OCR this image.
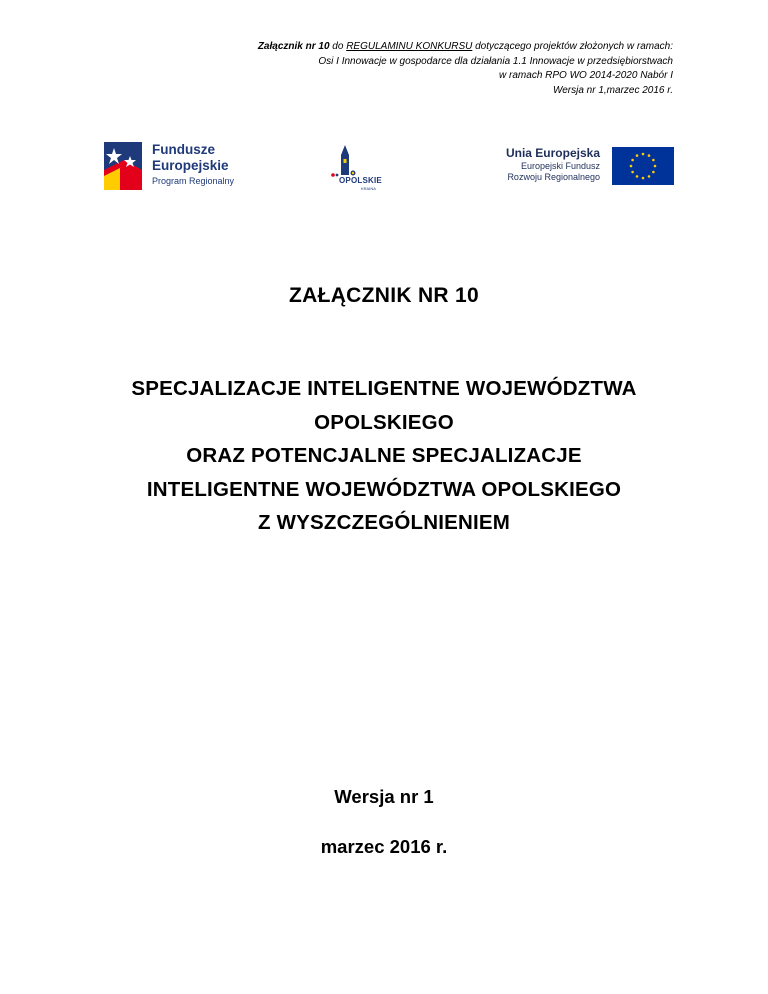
Załącznik nr 10 do REGULAMINU KONKURSU dotyczącego projektów złożonych w ramach:
Osi I Innowacje w gospodarce dla działania 1.1 Innowacje w przedsiębiorstwach
w ramach RPO WO 2014-2020 Nabór I
Wersja nr 1,marzec 2016 r.
Fundusze
Europejskie
Program Regionalny	OPOLSKIE
KRAINA
Unia Europejska
Europejski Fundusz
Rozwoju Regionalnego
ZAŁĄCZNIK NR 10
SPECJALIZACJE INTELIGENTNE WOJEWÓDZTWA
OPOLSKIEGO
ORAZ POTENCJALNE SPECJALIZACJE
INTELIGENTNE WOJEWÓDZTWA OPOLSKIEGO
Z WYSZCZEGÓLNIENIEM
Wersja nr 1
marzec 2016 r.
